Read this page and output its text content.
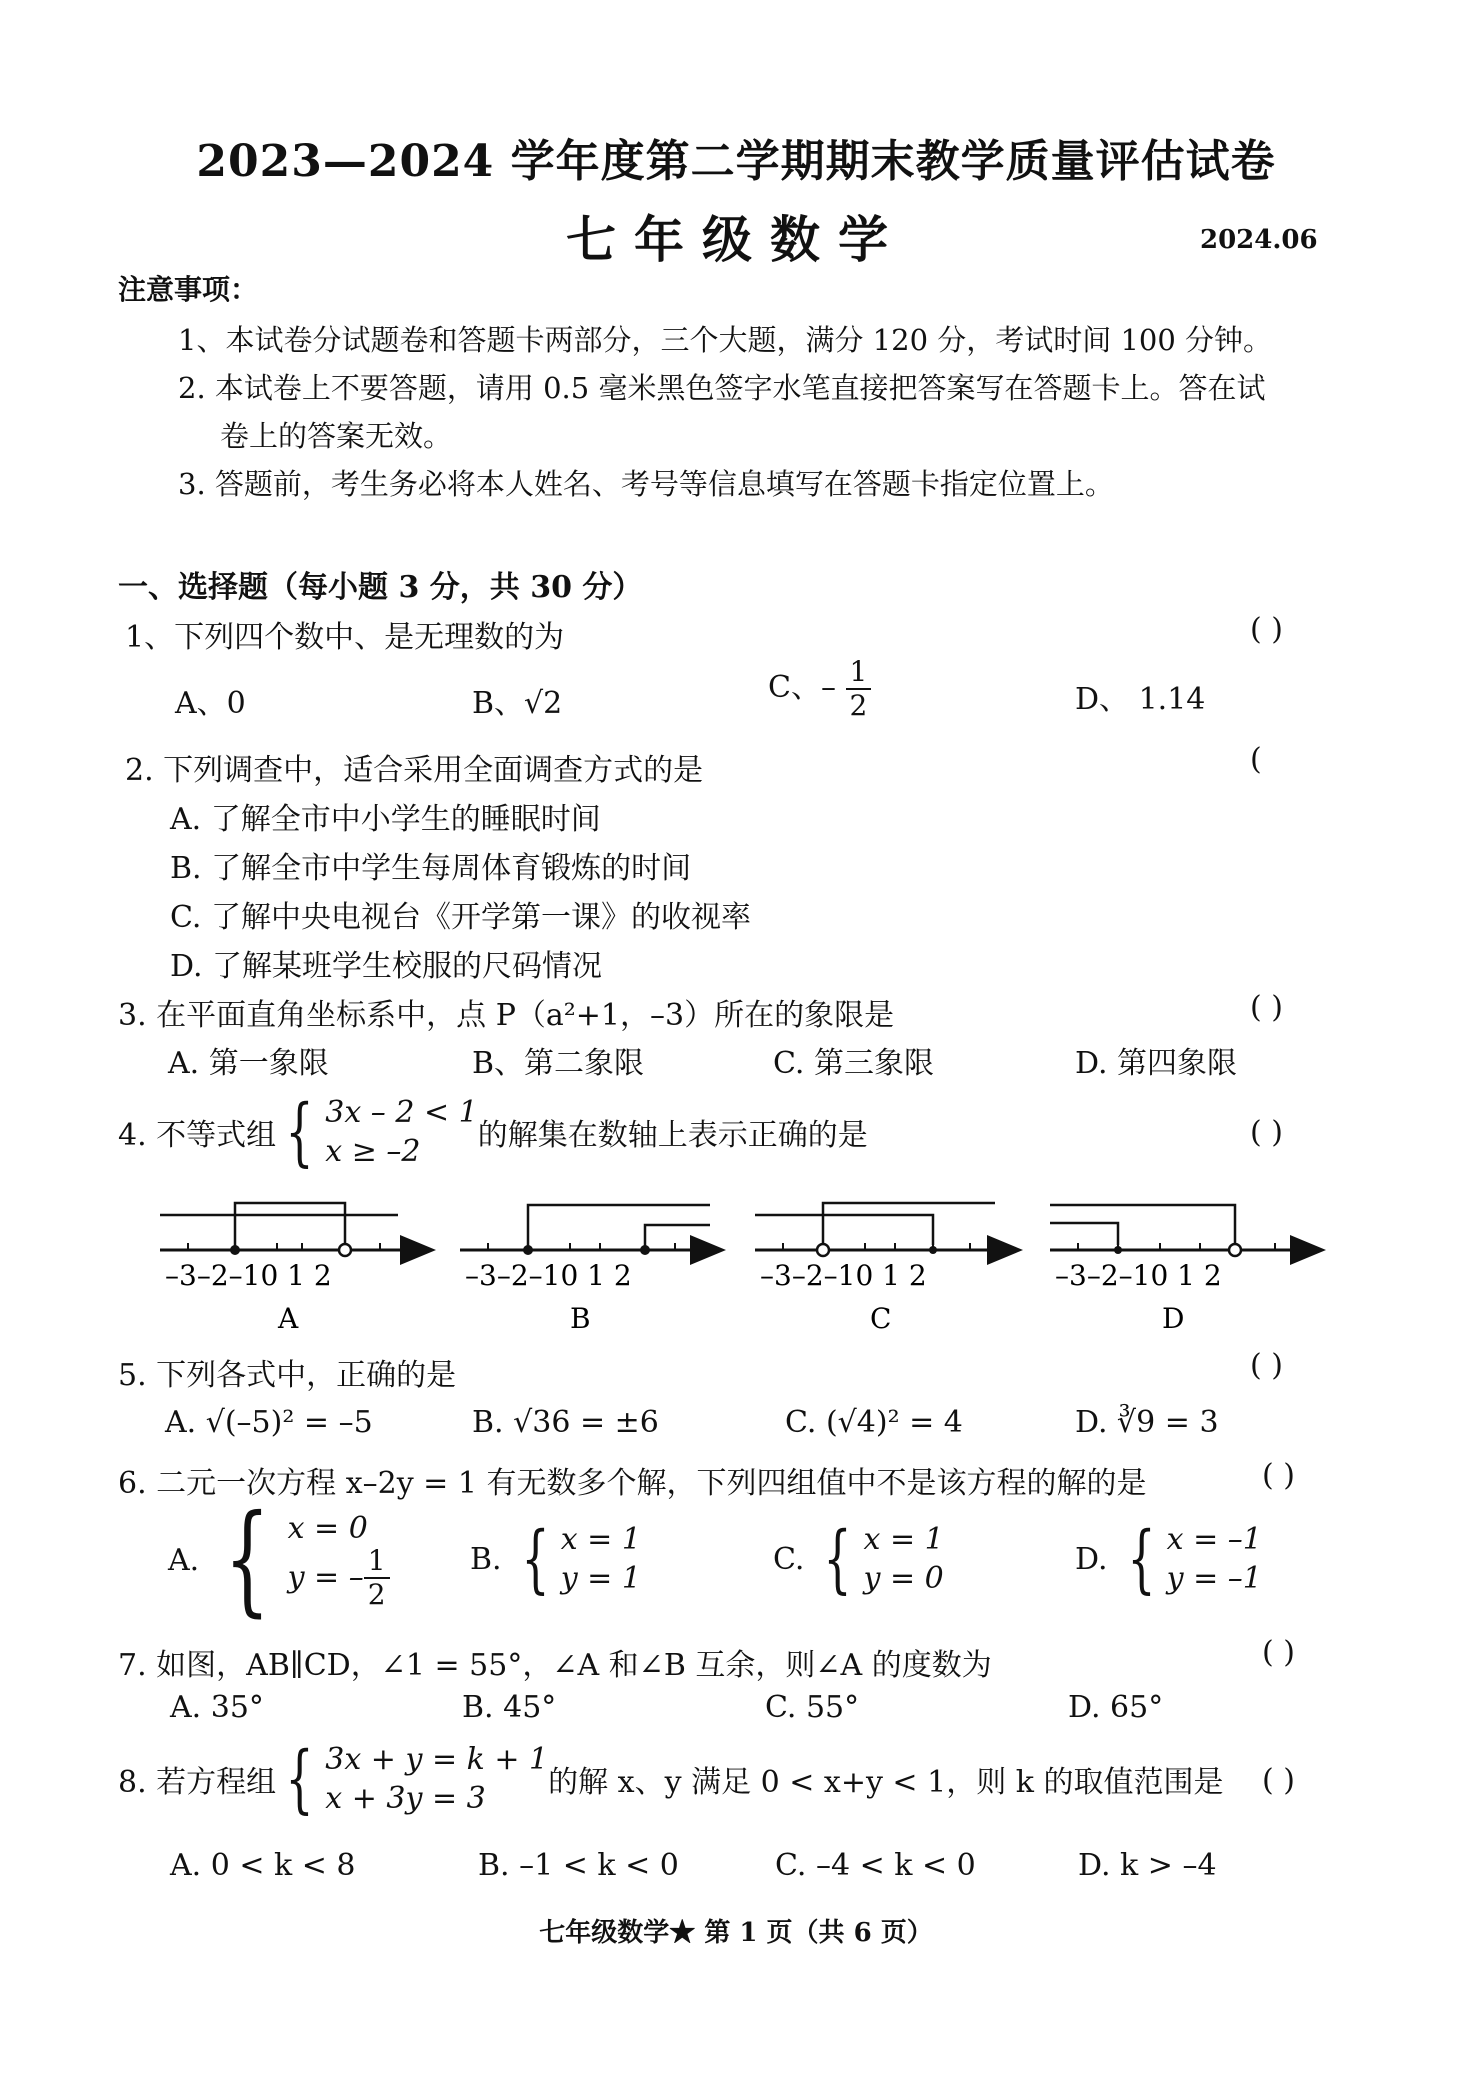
2023—2024 学年度第二学期期末教学质量评估试卷
七年级数学	2024.06
注意事项：
1、本试卷分试题卷和答题卡两部分，三个大题，满分 120 分，考试时间 100 分钟。
2. 本试卷上不要答题，请用 0.5 毫米黑色签字水笔直接把答案写在答题卡上。答在试
卷上的答案无效。
3. 答题前，考生务必将本人姓名、考号等信息填写在答题卡指定位置上。
一、选择题（每小题 3 分，共 30 分）
1、下列四个数中、是无理数的为	( )
A、0	B、√2	C、– $\frac{1}{2}$	D、 1.14
2. 下列调查中，适合采用全面调查方式的是	(
A. 了解全市中小学生的睡眠时间
B. 了解全市中学生每周体育锻炼的时间
C. 了解中央电视台《开学第一课》的收视率
D. 了解某班学生校服的尺码情况
3. 在平面直角坐标系中，点 P（a²+1，–3）所在的象限是	( )
A. 第一象限	B、第二象限	C. 第三象限	D. 第四象限
4. 不等式组 { 3x – 2 < 1
x ≥ –2	的解集在数轴上表示正确的是	( )
–3–2–10 1 2
A
–3–2–10 1 2
B
–3–2–10 1 2
C
–3–2–10 1 2
D
5. 下列各式中，正确的是	( )
A. √(–5)² = –5	B. √36 = ±6	C. (√4)² = 4	D. ∛9 = 3
6. 二元一次方程 x–2y = 1 有无数多个解，下列四组值中不是该方程的解的是	( )
A. { x = 0
y = – $\frac{1}{2}$	B. { x = 1
y = 1
C. { x = 1
y = 0
D. { x = –1
y = –1
7. 如图，AB∥CD，∠1 = 55°，∠A 和∠B 互余，则∠A 的度数为	( )
A. 35°	B. 45°	C. 55°	D. 65°
8. 若方程组 { 3x + y = k + 1
x + 3y = 3	的解 x、y 满足 0 < x+y < 1，则 k 的取值范围是 ( )
A. 0 < k < 8	B. –1 < k < 0	C. –4 < k < 0	D. k > –4
七年级数学★ 第 1 页（共 6 页）
